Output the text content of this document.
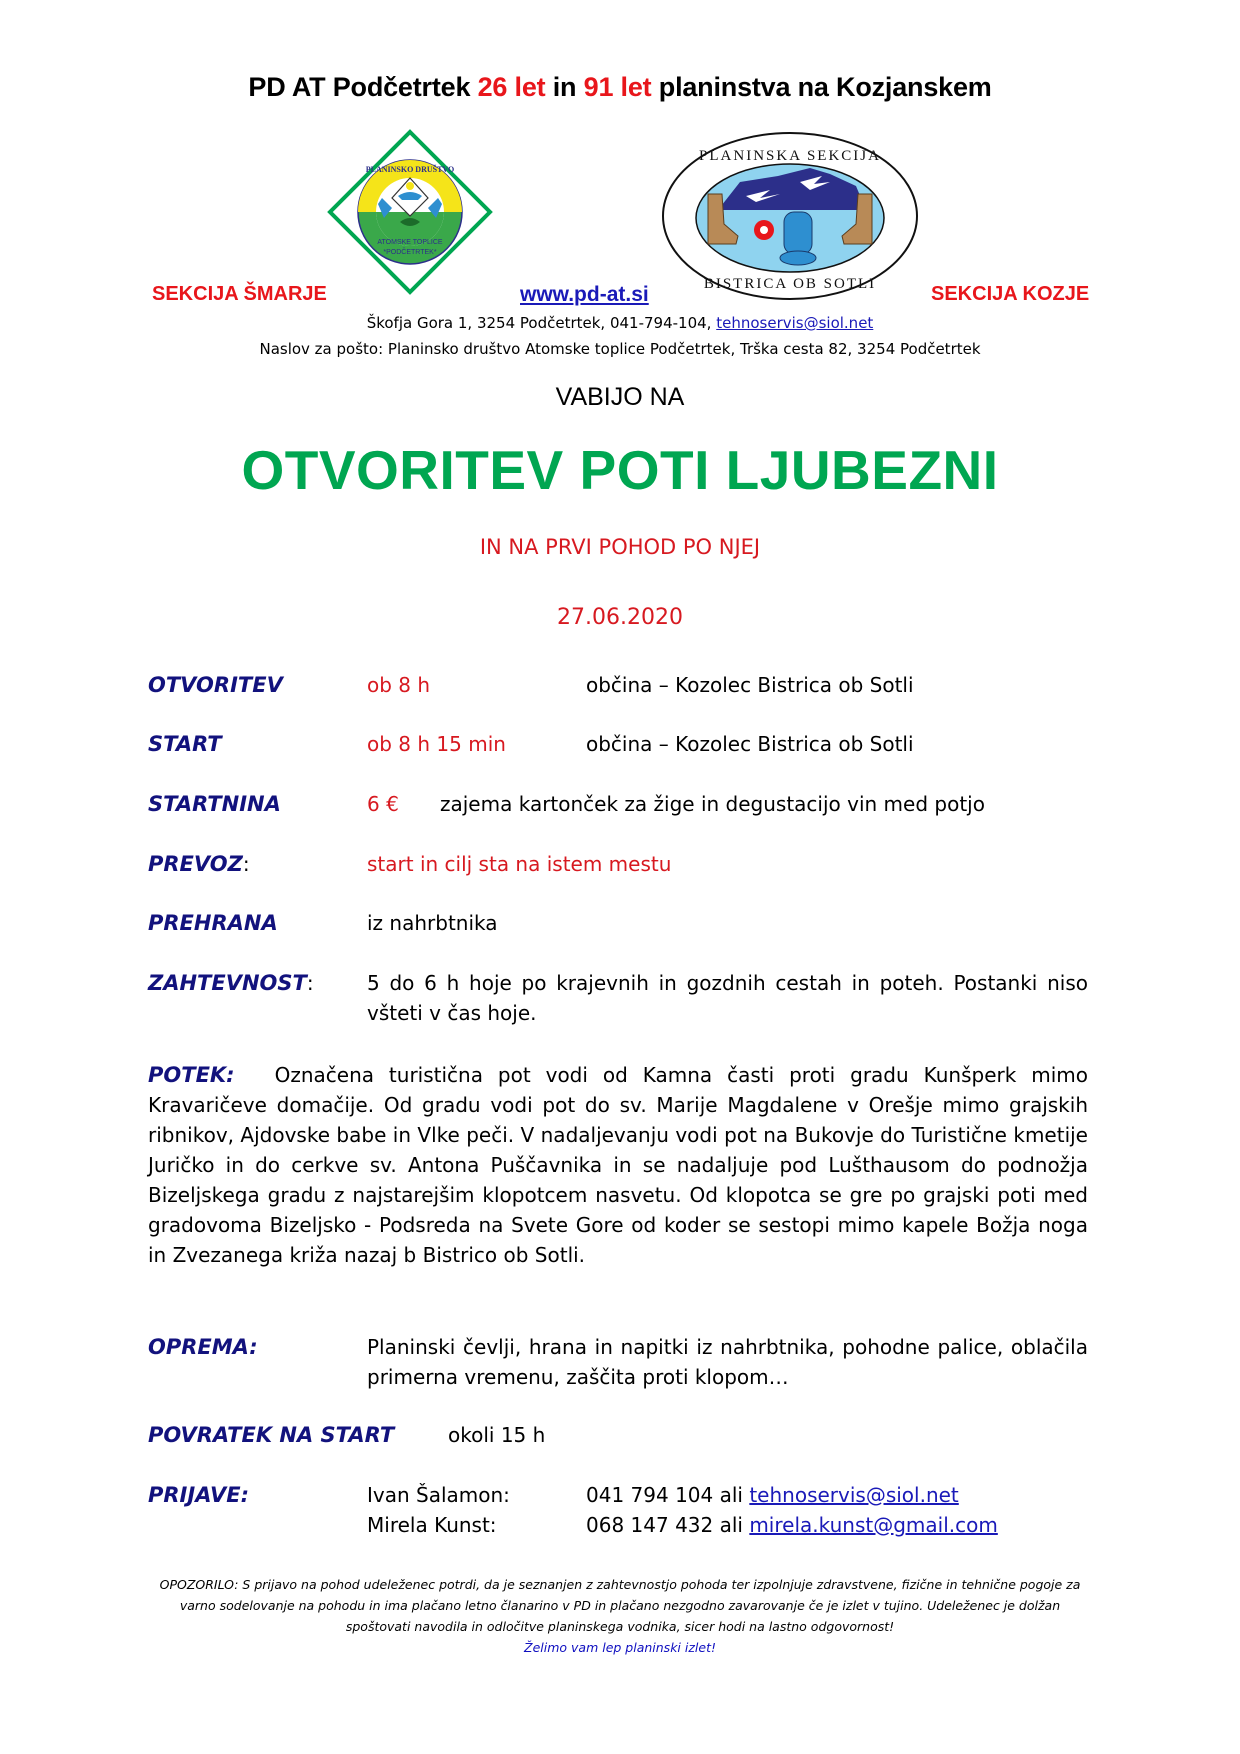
PD AT Podčetrtek 26 let in 91 let planinstva na Kozjanskem
PLANINSKO DRUŠTVO
ATOMSKE TOPLICE
*PODČETRTEK*
PLANINSKA SEKCIJA
BISTRICA OB SOTLI
SEKCIJA ŠMARJE	www.pd-at.si	SEKCIJA KOZJE
Škofja Gora 1, 3254 Podčetrtek, 041-794-104, tehnoservis@siol.net
Naslov za pošto: Planinsko društvo Atomske toplice Podčetrtek, Trška cesta 82, 3254 Podčetrtek
VABIJO NA
OTVORITEV POTI LJUBEZNI
IN NA PRVI POHOD PO NJEJ
27.06.2020
OTVORITEV	ob 8 h	občina – Kozolec Bistrica ob Sotli
START	ob 8 h 15 min	občina – Kozolec Bistrica ob Sotli
STARTNINA	6 € zajema kartonček za žige in degustacijo vin med potjo
PREVOZ:	start in cilj sta na istem mestu
PREHRANA	iz nahrbtnika
ZAHTEVNOST:	5 do 6 h hoje po krajevnih in gozdnih cestah in poteh. Postanki niso všteti v čas hoje.
POTEK: Označena turistična pot vodi od Kamna časti proti gradu Kunšperk mimo Kravaričeve domačije. Od gradu vodi pot do sv. Marije Magdalene v Orešje mimo grajskih ribnikov, Ajdovske babe in Vlke peči. V nadaljevanju vodi pot na Bukovje do Turistične kmetije Juričko in do cerkve sv. Antona Puščavnika in se nadaljuje pod Lušthausom do podnožja Bizeljskega gradu z najstarejšim klopotcem nasvetu. Od klopotca se gre po grajski poti med gradovoma Bizeljsko - Podsreda na Svete Gore od koder se sestopi mimo kapele Božja noga in Zvezanega križa nazaj b Bistrico ob Sotli.
OPREMA:	Planinski čevlji, hrana in napitki iz nahrbtnika, pohodne palice, oblačila primerna vremenu, zaščita proti klopom…
POVRATEK NA START	okoli 15 h
PRIJAVE:	Ivan Šalamon:	041 794 104 ali tehnoservis@siol.net
Mirela Kunst:	068 147 432 ali mirela.kunst@gmail.com
OPOZORILO: S prijavo na pohod udeleženec potrdi, da je seznanjen z zahtevnostjo pohoda ter izpolnjuje zdravstvene, fizične in tehnične pogoje za varno sodelovanje na pohodu in ima plačano letno članarino v PD in plačano nezgodno zavarovanje če je izlet v tujino. Udeleženec je dolžan spoštovati navodila in odločitve planinskega vodnika, sicer hodi na lastno odgovornost!
Želimo vam lep planinski izlet!
